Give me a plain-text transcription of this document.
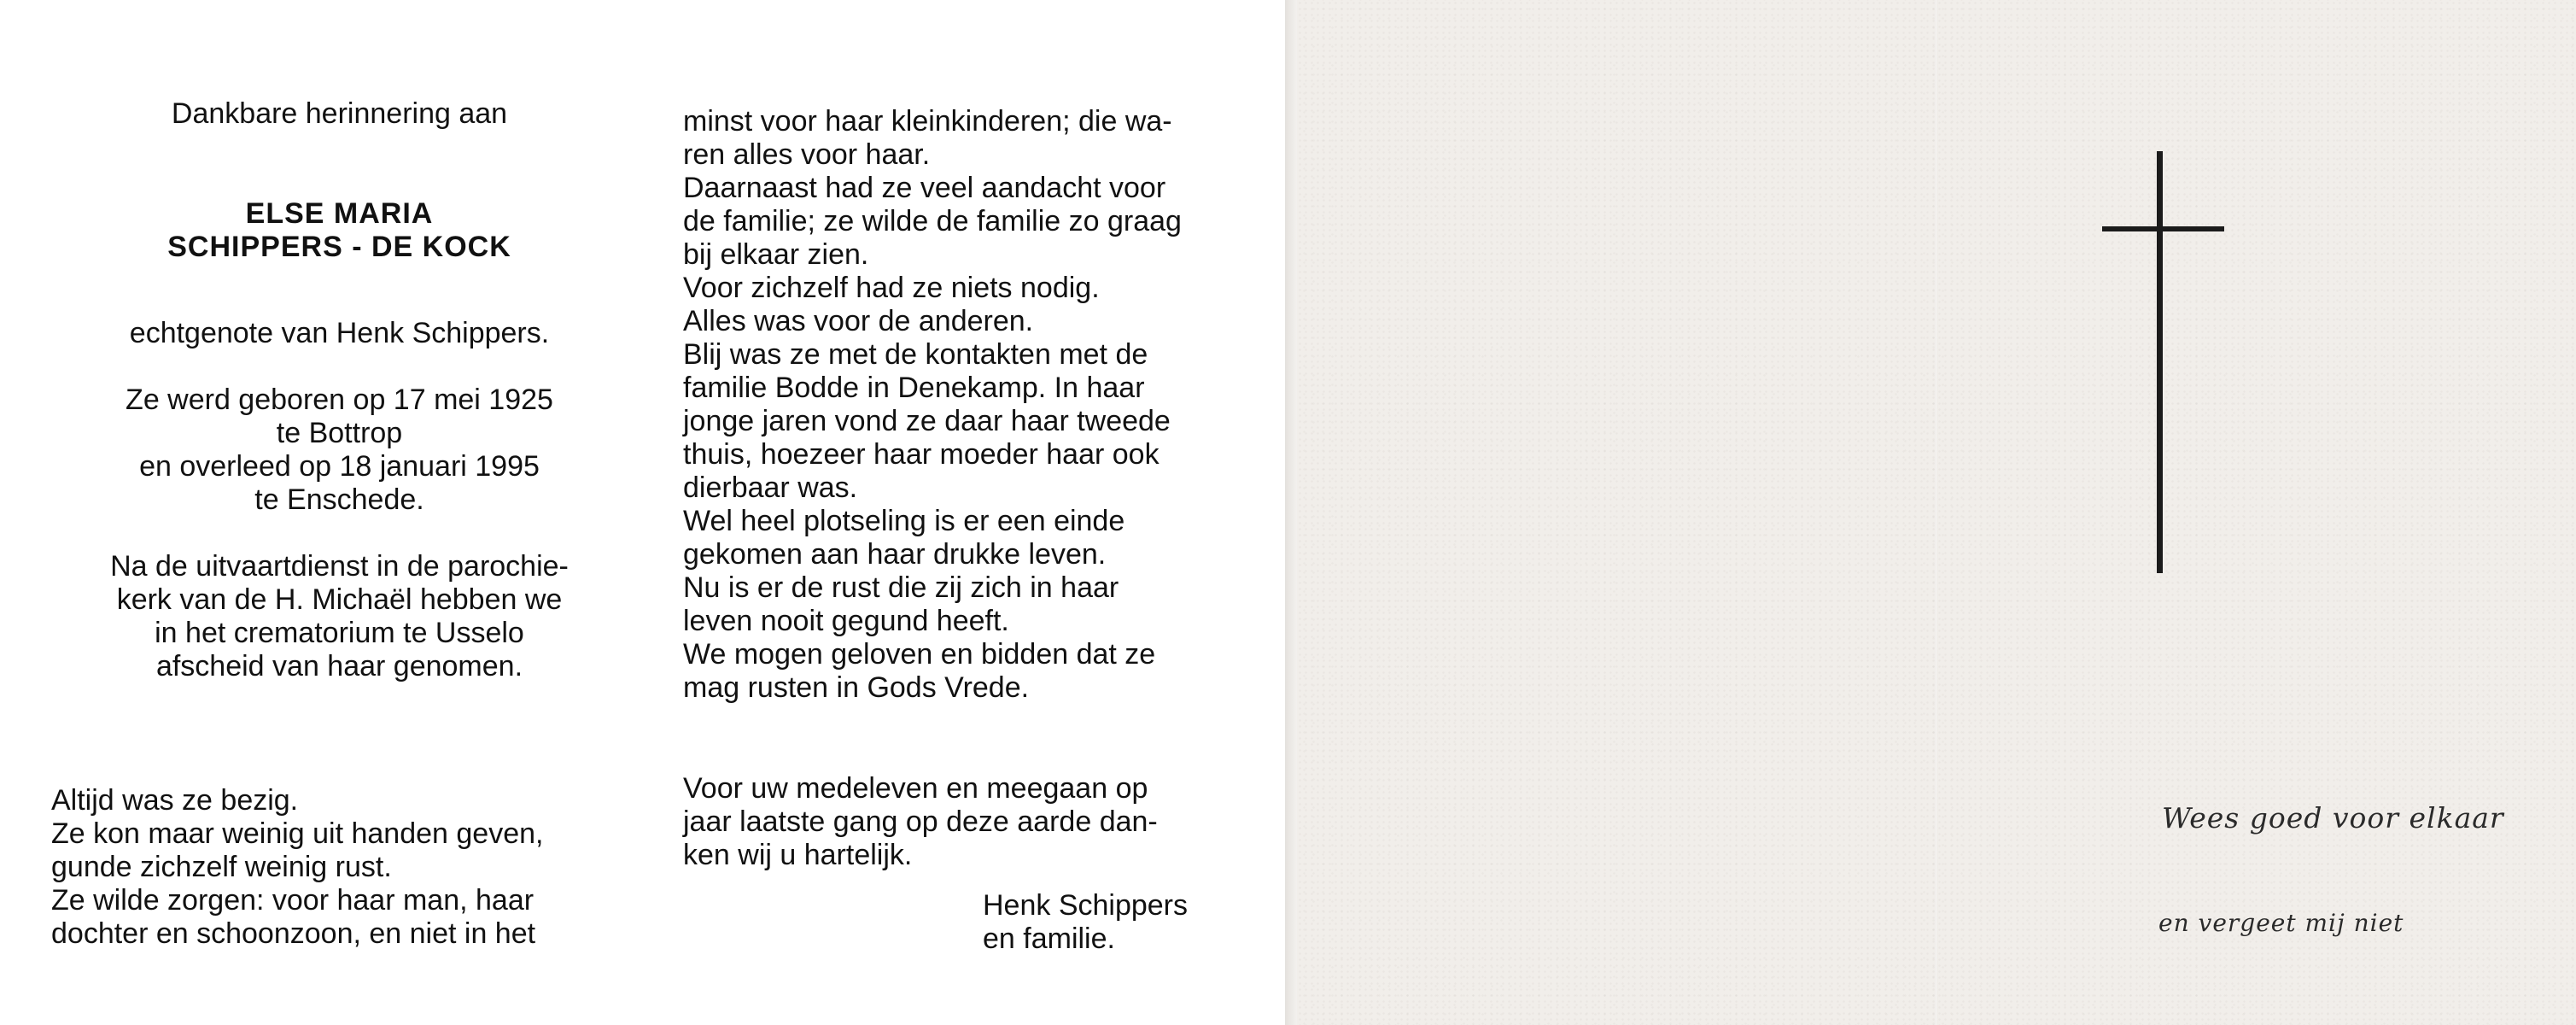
Dankbare herinnering aan

ELSE MARIA

SCHIPPERS - DE KOCK

echtgenote van Henk Schippers.

Ze werd geboren op 17 mei 1925

te Bottrop

en overleed op 18 januari 1995

te Enschede.

Na de uitvaartdienst in de parochie-

kerk van de H. Michaël hebben we

in het crematorium te Usselo

afscheid van haar genomen.

Altijd was ze bezig.

Ze kon maar weinig uit handen geven,

gunde zichzelf weinig rust.

Ze wilde zorgen: voor haar man, haar

dochter en schoonzoon, en niet in het

minst voor haar kleinkinderen; die wa-

ren alles voor haar.

Daarnaast had ze veel aandacht voor

de familie; ze wilde de familie zo graag

bij elkaar zien.

Voor zichzelf had ze niets nodig.

Alles was voor de anderen.

Blij was ze met de kontakten met de

familie Bodde in Denekamp. In haar

jonge jaren vond ze daar haar tweede

thuis, hoezeer haar moeder haar ook

dierbaar was.

Wel heel plotseling is er een einde

gekomen aan haar drukke leven.

Nu is er de rust die zij zich in haar

leven nooit gegund heeft.

We mogen geloven en bidden dat ze

mag rusten in Gods Vrede.

Voor uw medeleven en meegaan op

jaar laatste gang op deze aarde dan-

ken wij u hartelijk.

Henk Schippers

en familie.

Wees goed voor elkaar
en vergeet mij niet
